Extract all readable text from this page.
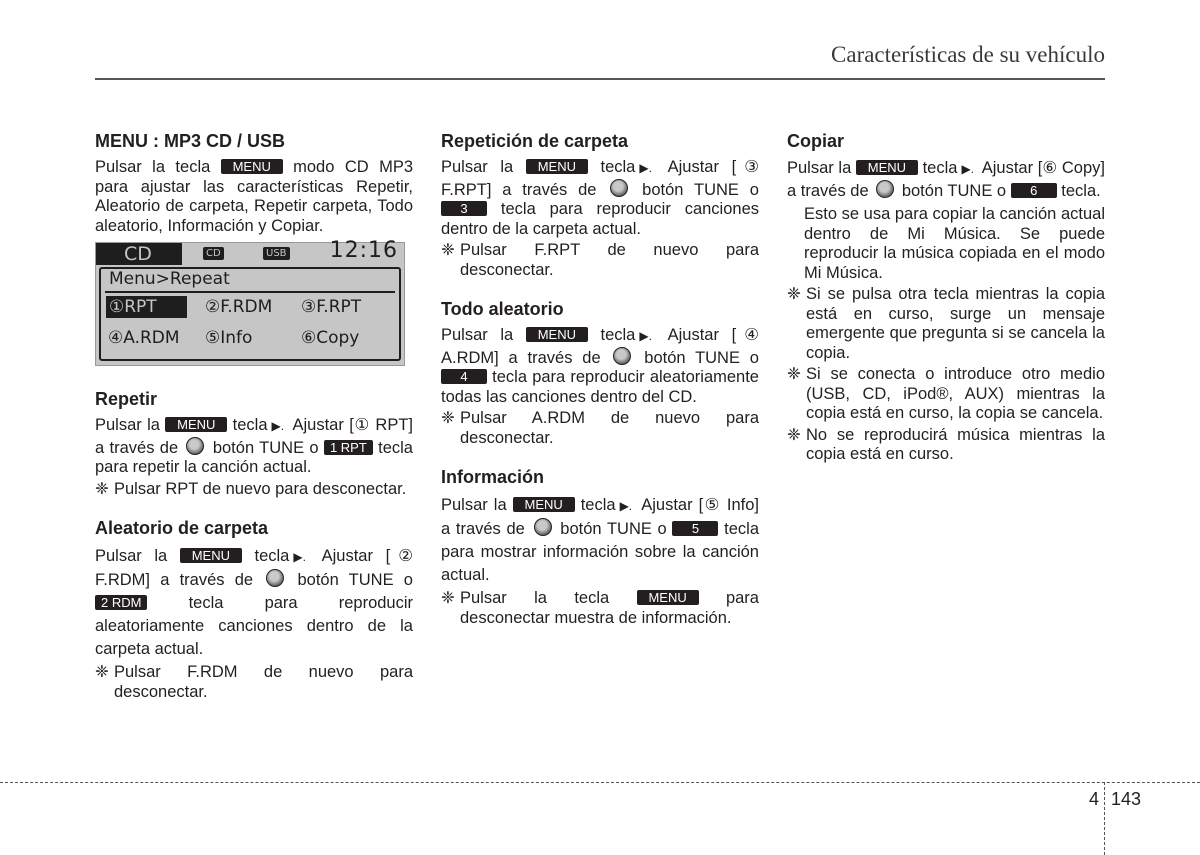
Características de su vehículo
MENU : MP3 CD / USB

Pulsar la tecla MENU modo CD MP3 para ajustar las características Repetir, Aleatorio de carpeta, Repetir carpeta, Todo aleatorio, Información y Copiar.

CD	CD	USB 12:16
Menu>Repeat
①RPT	②F.RDM ③F.RPT
④A.RDM ⑤Info	⑥Copy
Repetir

Pulsar la MENU tecla ▶. Ajustar [① RPT] a través de botón TUNE o 1 RPT tecla para repetir la canción actual.

❈ Pulsar RPT de nuevo para desconectar.

Aleatorio de carpeta

Pulsar la MENU tecla ▶. Ajustar [② F.RDM] a través de	botón TUNE o 2 RDM	tecla para reproducir aleatoriamente canciones dentro de la carpeta actual.

❈ Pulsar F.RDM de nuevo para desconectar.

Repetición de carpeta

Pulsar la MENU tecla ▶. Ajustar [③ F.RPT] a través de	botón TUNE o 3 tecla para reproducir canciones dentro de la carpeta actual.

❈ Pulsar F.RPT de nuevo para desconectar.

Todo aleatorio

Pulsar la MENU tecla ▶. Ajustar [④ A.RDM] a través de	botón TUNE o 4 tecla para reproducir aleatoriamente todas las canciones dentro del CD.

❈ Pulsar A.RDM de nuevo para desconectar.

Información

Pulsar la MENU tecla ▶. Ajustar [⑤ Info] a través de botón TUNE o 5 tecla para mostrar información sobre la canción actual.

❈ Pulsar la tecla	MENU para desconectar muestra de información.

Copiar

Pulsar la MENU tecla ▶. Ajustar [⑥ Copy] a través de botón TUNE o 6 tecla.

Esto se usa para copiar la canción actual dentro de Mi Música. Se puede reproducir la música copiada en el modo Mi Música.

❈ Si se pulsa otra tecla mientras la copia está en curso, surge un mensaje emergente que pregunta si se cancela la copia.

❈ Si se conecta o introduce otro medio (USB, CD, iPod®, AUX) mientras la copia está en curso, la copia se cancela.

❈ No se reproducirá música mientras la copia está en curso.

4 143
